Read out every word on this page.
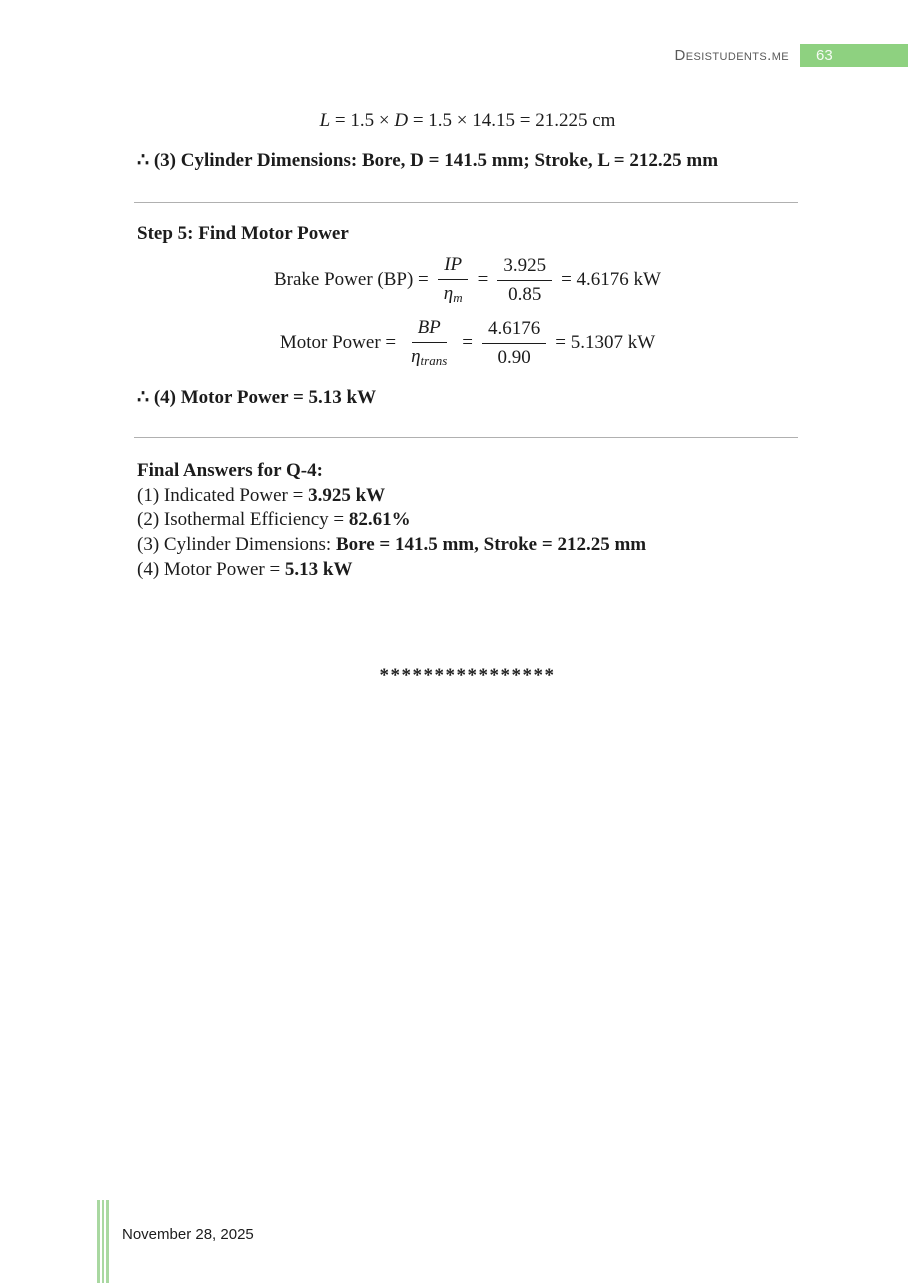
Desistudents.me	63
L = 1.5 × D = 1.5 × 14.15 = 21.225 cm
∴ (3) Cylinder Dimensions: Bore, D = 141.5 mm; Stroke, L = 212.25 mm
Step 5: Find Motor Power
Brake Power $(BP) = \frac{IP}{\eta m} = \frac{3.925}{0.85} = 4.6176$ kW
Motor Power = $\frac{BP}{\text{ηtrans}} = \frac{4.6176}{0.90} = 5.1307$ kW
∴ (4) Motor Power = 5.13 kW
Final Answers for Q-4:
(1) Indicated Power = 3.925 kW
(2) Isothermal Efficiency = 82.61%
(3) Cylinder Dimensions: Bore = 141.5 mm, Stroke = 212.25 mm
(4) Motor Power = 5.13 kW
****************
November 28, 2025
